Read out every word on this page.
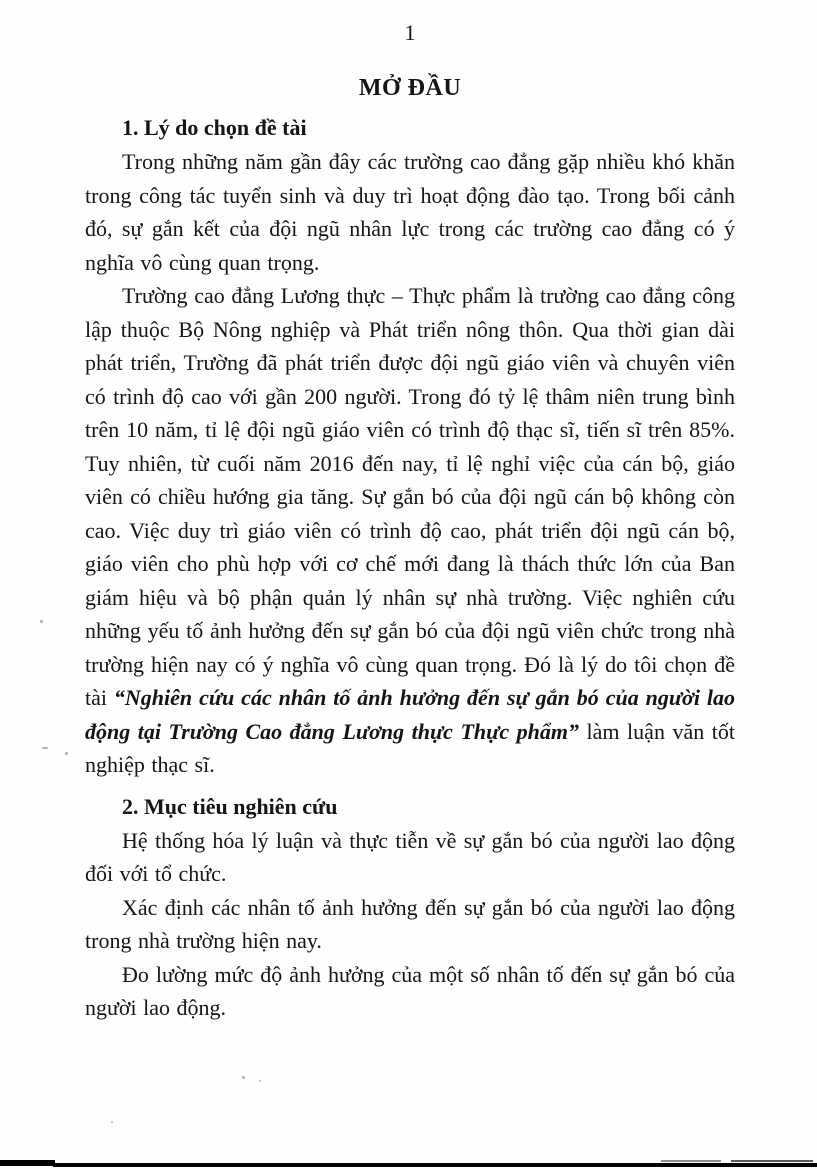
1
MỞ ĐẦU
1. Lý do chọn đề tài

Trong những năm gần đây các trường cao đẳng gặp nhiều khó khăn trong công tác tuyển sinh và duy trì hoạt động đào tạo. Trong bối cảnh đó, sự gắn kết của đội ngũ nhân lực trong các trường cao đẳng có ý nghĩa vô cùng quan trọng.

Trường cao đẳng Lương thực – Thực phẩm là trường cao đẳng công lập thuộc Bộ Nông nghiệp và Phát triển nông thôn. Qua thời gian dài phát triển, Trường đã phát triển được đội ngũ giáo viên và chuyên viên có trình độ cao với gần 200 người. Trong đó tỷ lệ thâm niên trung bình trên 10 năm, tỉ lệ đội ngũ giáo viên có trình độ thạc sĩ, tiến sĩ trên 85%. Tuy nhiên, từ cuối năm 2016 đến nay, tỉ lệ nghỉ việc của cán bộ, giáo viên có chiều hướng gia tăng. Sự gắn bó của đội ngũ cán bộ không còn cao. Việc duy trì giáo viên có trình độ cao, phát triển đội ngũ cán bộ, giáo viên cho phù hợp với cơ chế mới đang là thách thức lớn của Ban giám hiệu và bộ phận quản lý nhân sự nhà trường. Việc nghiên cứu những yếu tố ảnh hưởng đến sự gắn bó của đội ngũ viên chức trong nhà trường hiện nay có ý nghĩa vô cùng quan trọng. Đó là lý do tôi chọn đề tài “Nghiên cứu các nhân tố ảnh hưởng đến sự gắn bó của người lao động tại Trường Cao đẳng Lương thực Thực phẩm” làm luận văn tốt nghiệp thạc sĩ.

2. Mục tiêu nghiên cứu

Hệ thống hóa lý luận và thực tiễn về sự gắn bó của người lao động đối với tổ chức.

Xác định các nhân tố ảnh hưởng đến sự gắn bó của người lao động trong nhà trường hiện nay.

Đo lường mức độ ảnh hưởng của một số nhân tố đến sự gắn bó của người lao động.
